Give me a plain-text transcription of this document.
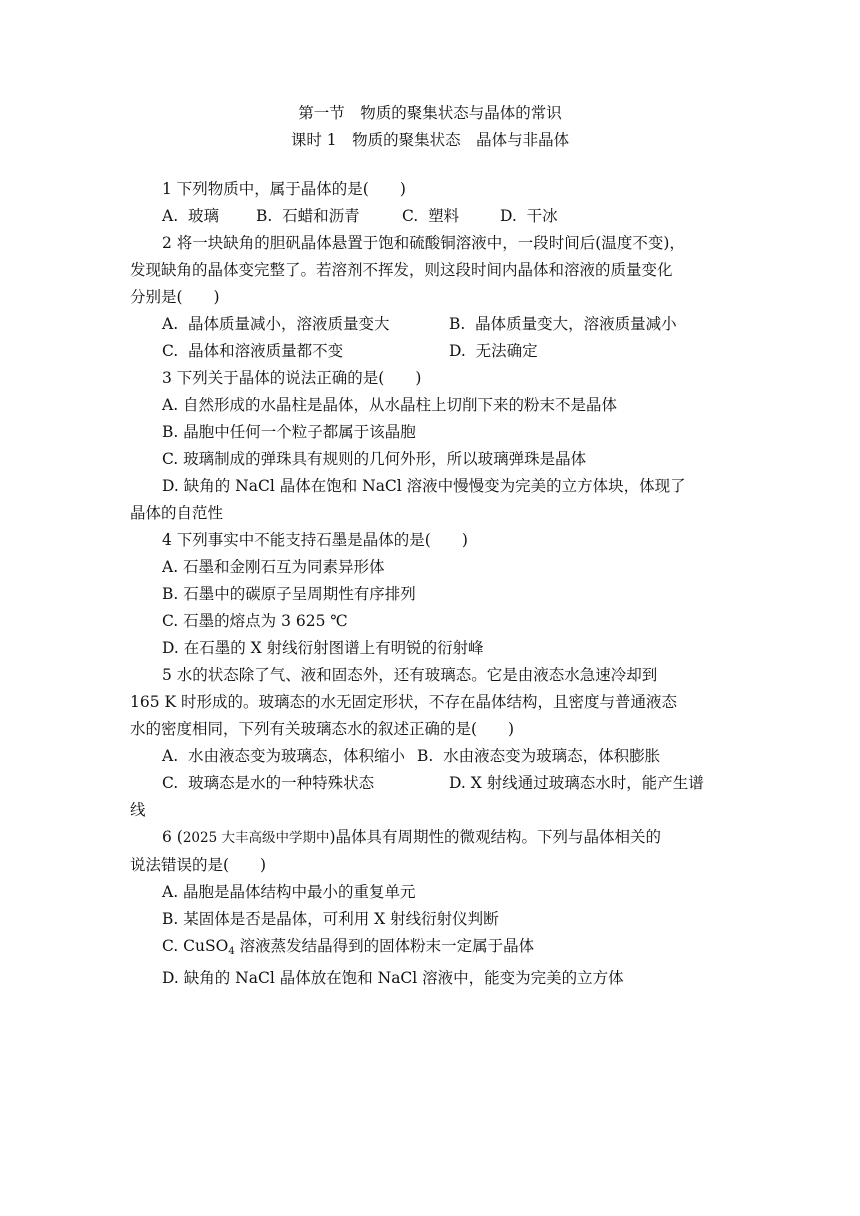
第一节　物质的聚集状态与晶体的常识
课时 1　物质的聚集状态　晶体与非晶体
1 下列物质中，属于晶体的是(　　)
A.  玻璃	B.  石蜡和沥青	C.  塑料	D.  干冰
2 将一块缺角的胆矾晶体悬置于饱和硫酸铜溶液中，一段时间后(温度不变)，
发现缺角的晶体变完整了。若溶剂不挥发，则这段时间内晶体和溶液的质量变化
分别是(　　)
A.  晶体质量减小，溶液质量变大	B.  晶体质量变大，溶液质量减小
C.  晶体和溶液质量都不变	D.  无法确定
3 下列关于晶体的说法正确的是(　　)
A. 自然形成的水晶柱是晶体，从水晶柱上切削下来的粉末不是晶体
B. 晶胞中任何一个粒子都属于该晶胞
C. 玻璃制成的弹珠具有规则的几何外形，所以玻璃弹珠是晶体
D. 缺角的 NaCl 晶体在饱和 NaCl 溶液中慢慢变为完美的立方体块，体现了
晶体的自范性
4 下列事实中不能支持石墨是晶体的是(　　)
A. 石墨和金刚石互为同素异形体
B. 石墨中的碳原子呈周期性有序排列
C. 石墨的熔点为 3 625 ℃
D. 在石墨的 X 射线衍射图谱上有明锐的衍射峰
5 水的状态除了气、液和固态外，还有玻璃态。它是由液态水急速冷却到
165 K 时形成的。玻璃态的水无固定形状，不存在晶体结构，且密度与普通液态
水的密度相同，下列有关玻璃态水的叙述正确的是(　　)
A.  水由液态变为玻璃态，体积缩小 B.  水由液态变为玻璃态，体积膨胀
C.  玻璃态是水的一种特殊状态	D. X 射线通过玻璃态水时，能产生谱
线
6 (2025 大丰高级中学期中)晶体具有周期性的微观结构。下列与晶体相关的
说法错误的是(　　)
A. 晶胞是晶体结构中最小的重复单元
B. 某固体是否是晶体，可利用 X 射线衍射仪判断
C. CuSO$_4$ 溶液蒸发结晶得到的固体粉末一定属于晶体
D. 缺角的 NaCl 晶体放在饱和 NaCl 溶液中，能变为完美的立方体
